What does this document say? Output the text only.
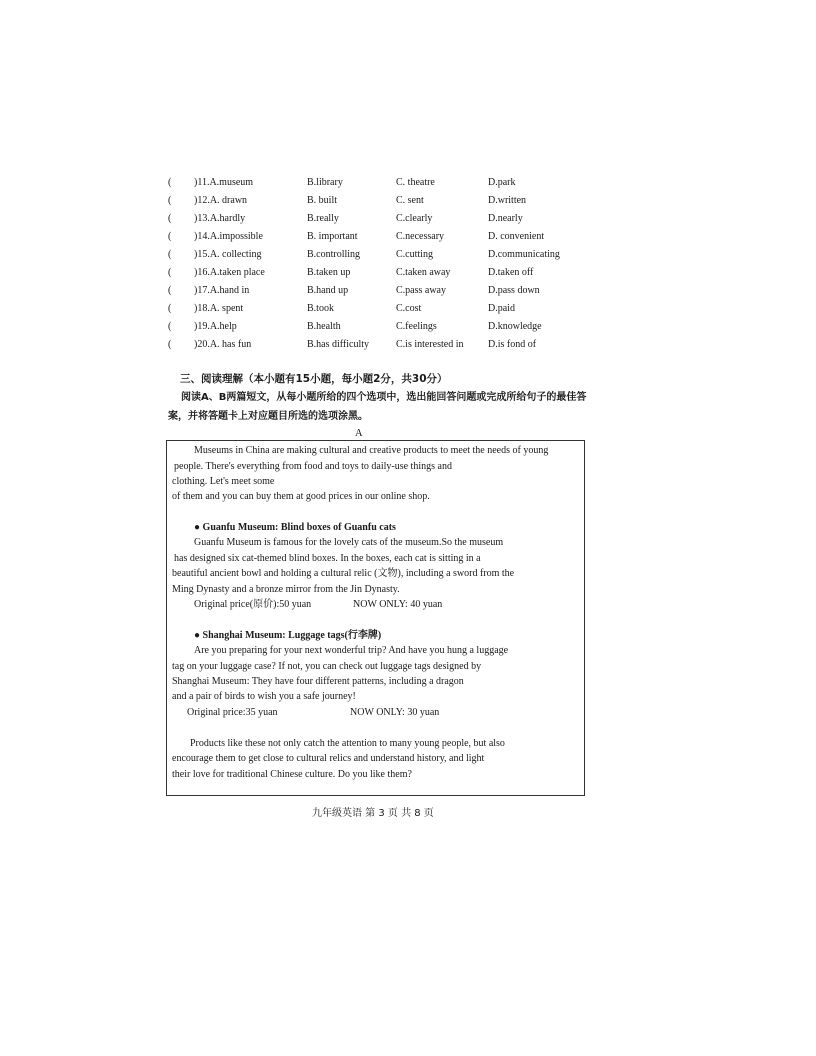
( )11.A.museum	B.library	C. theatre	D.park
( )12.A. drawn	B. built	C. sent	D.written
( )13.A.hardly	B.really	C.clearly	D.nearly
( )14.A.impossible	B. important	C.necessary	D. convenient
( )15.A. collecting	B.controlling	C.cutting	D.communicating
( )16.A.taken place	B.taken up	C.taken away	D.taken off
( )17.A.hand in	B.hand up	C.pass away	D.pass down
( )18.A. spent	B.took	C.cost	D.paid
( )19.A.help	B.health	C.feelings	D.knowledge
( )20.A. has fun	B.has difficulty	C.is interested in D.is fond of
三、阅读理解（本小题有15小题，每小题2分，共30分）
阅读A、B两篇短文，从每小题所给的四个选项中，选出能回答问题或完成所给句子的最佳答案，并将答题卡上对应题目所选的选项涂黑。
A
Museums in China are making cultural and creative products to meet the needs of young
people. There's everything from food and toys to daily-use things and
clothing. Let's meet some
of them and you can buy them at good prices in our online shop.
● Guanfu Museum: Blind boxes of Guanfu cats
Guanfu Museum is famous for the lovely cats of the museum.So the museum
has designed six cat-themed blind boxes. In the boxes, each cat is sitting in a
beautiful ancient bowl and holding a cultural relic (文物), including a sword from the
Ming Dynasty and a bronze mirror from the Jin Dynasty.
Original price(原价):50 yuan	NOW ONLY: 40 yuan
● Shanghai Museum: Luggage tags(行李牌)
Are you preparing for your next wonderful trip? And have you hung a luggage
tag on your luggage case? If not, you can check out luggage tags designed by
Shanghai Museum: They have four different patterns, including a dragon
and a pair of birds to wish you a safe journey!
Original price:35 yuan	NOW ONLY: 30 yuan
Products like these not only catch the attention to many young people, but also
encourage them to get close to cultural relics and understand history, and light
their love for traditional Chinese culture. Do you like them?
九年级英语 第 3 页 共 8 页
